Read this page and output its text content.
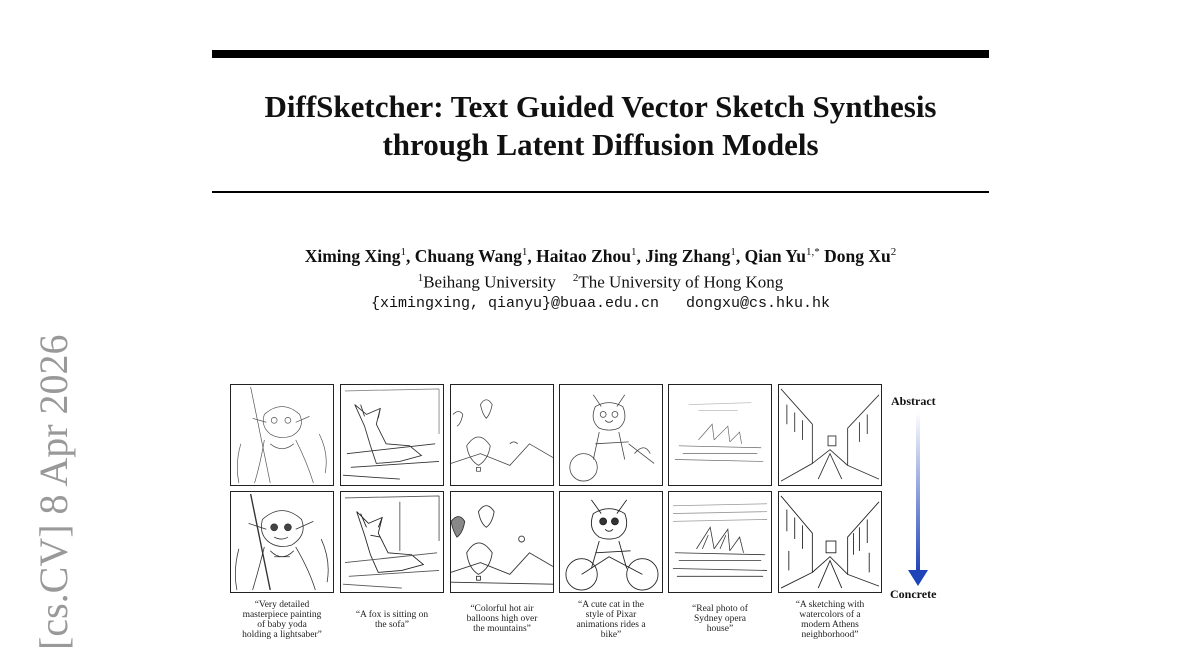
DiffSketcher: Text Guided Vector Sketch Synthesis
through Latent Diffusion Models
Ximing Xing$^1$, Chuang Wang$^1$, Haitao Zhou$^1$, Jing Zhang$^1$, Qian $Yu^{1,*}$ Dong Xu$^2$
$^1$Beihang University $^2$The University of Hong Kong
{ximingxing, qianyu}@buaa.edu.cn   dongxu@cs.hku.hk
[cs.CV] 8 Apr 2026	“Very detailed
masterpiece painting
of baby yoda
holding a lightsaber”
“A fox is sitting on
the sofa”
“Colorful hot air
balloons high over
the mountains”
“A cute cat in the
style of Pixar
animations rides a
bike”
“Real photo of
Sydney opera
house”
“A sketching with
watercolors of a
modern Athens
neighborhood”
Abstract
Concrete
